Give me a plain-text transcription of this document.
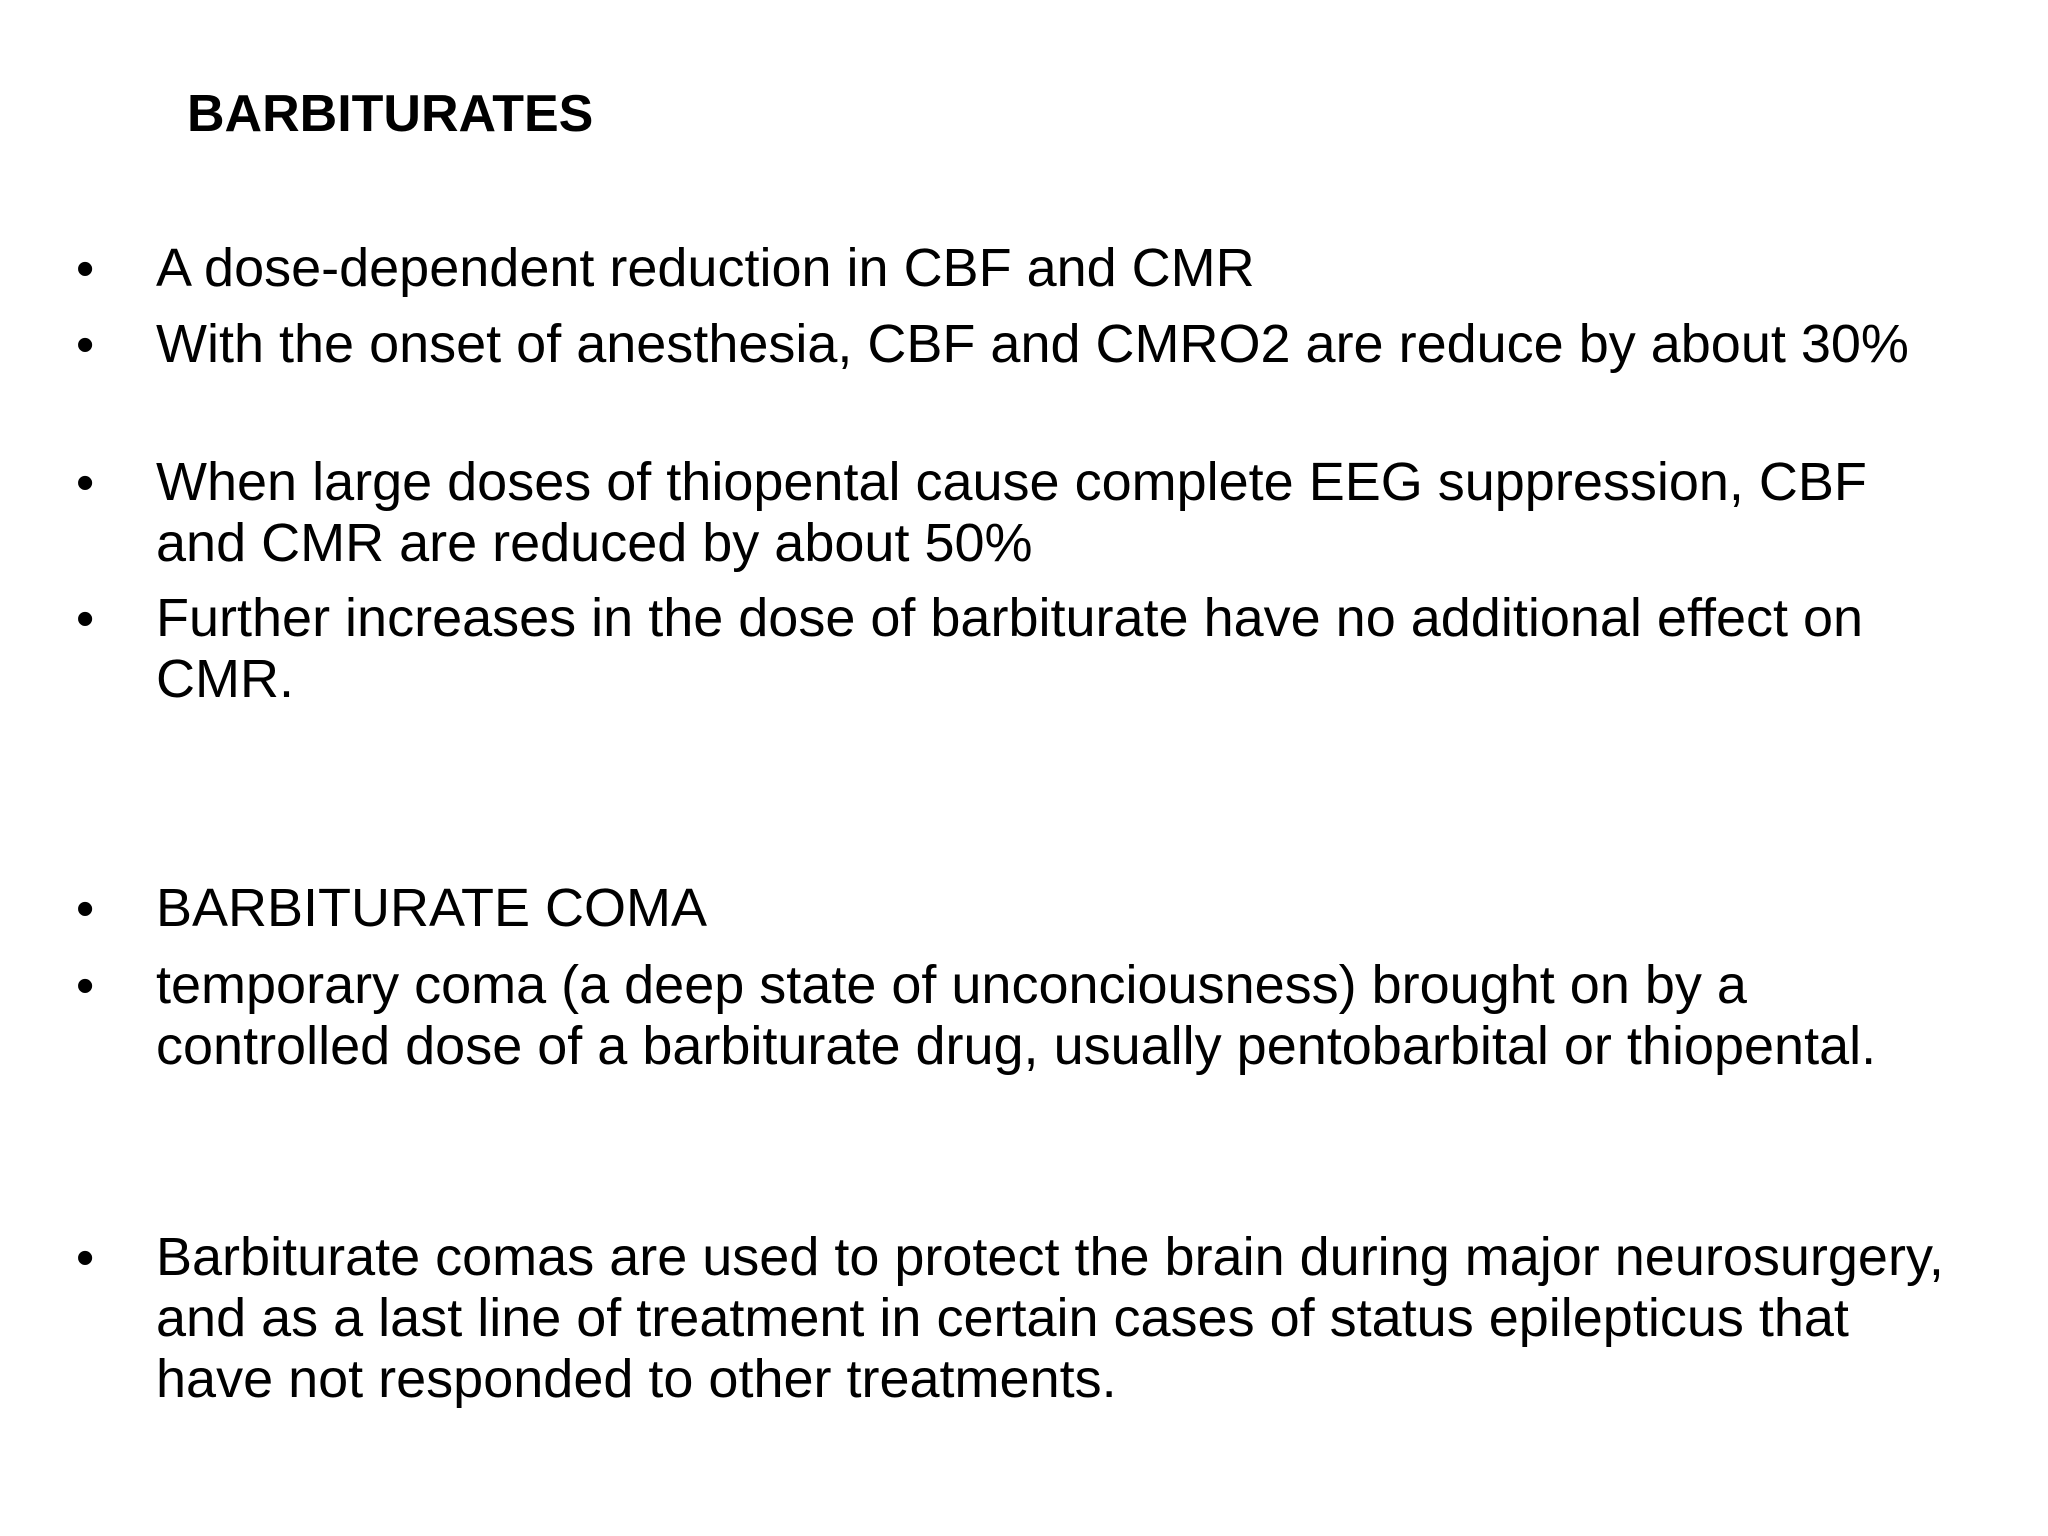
BARBITURATES
• A dose-dependent reduction in CBF and CMR
• With the onset of anesthesia, CBF and CMRO2 are reduce by about 30%
• When large doses of thiopental cause complete EEG suppression, CBF and CMR are reduced by about 50%
• Further increases in the dose of barbiturate have no additional effect on CMR.
• BARBITURATE COMA
• temporary coma (a deep state of unconciousness) brought on by a controlled dose of a barbiturate drug, usually pentobarbital or thiopental.
• Barbiturate comas are used to protect the brain during major neurosurgery, and as a last line of treatment in certain cases of status epilepticus that have not responded to other treatments.
